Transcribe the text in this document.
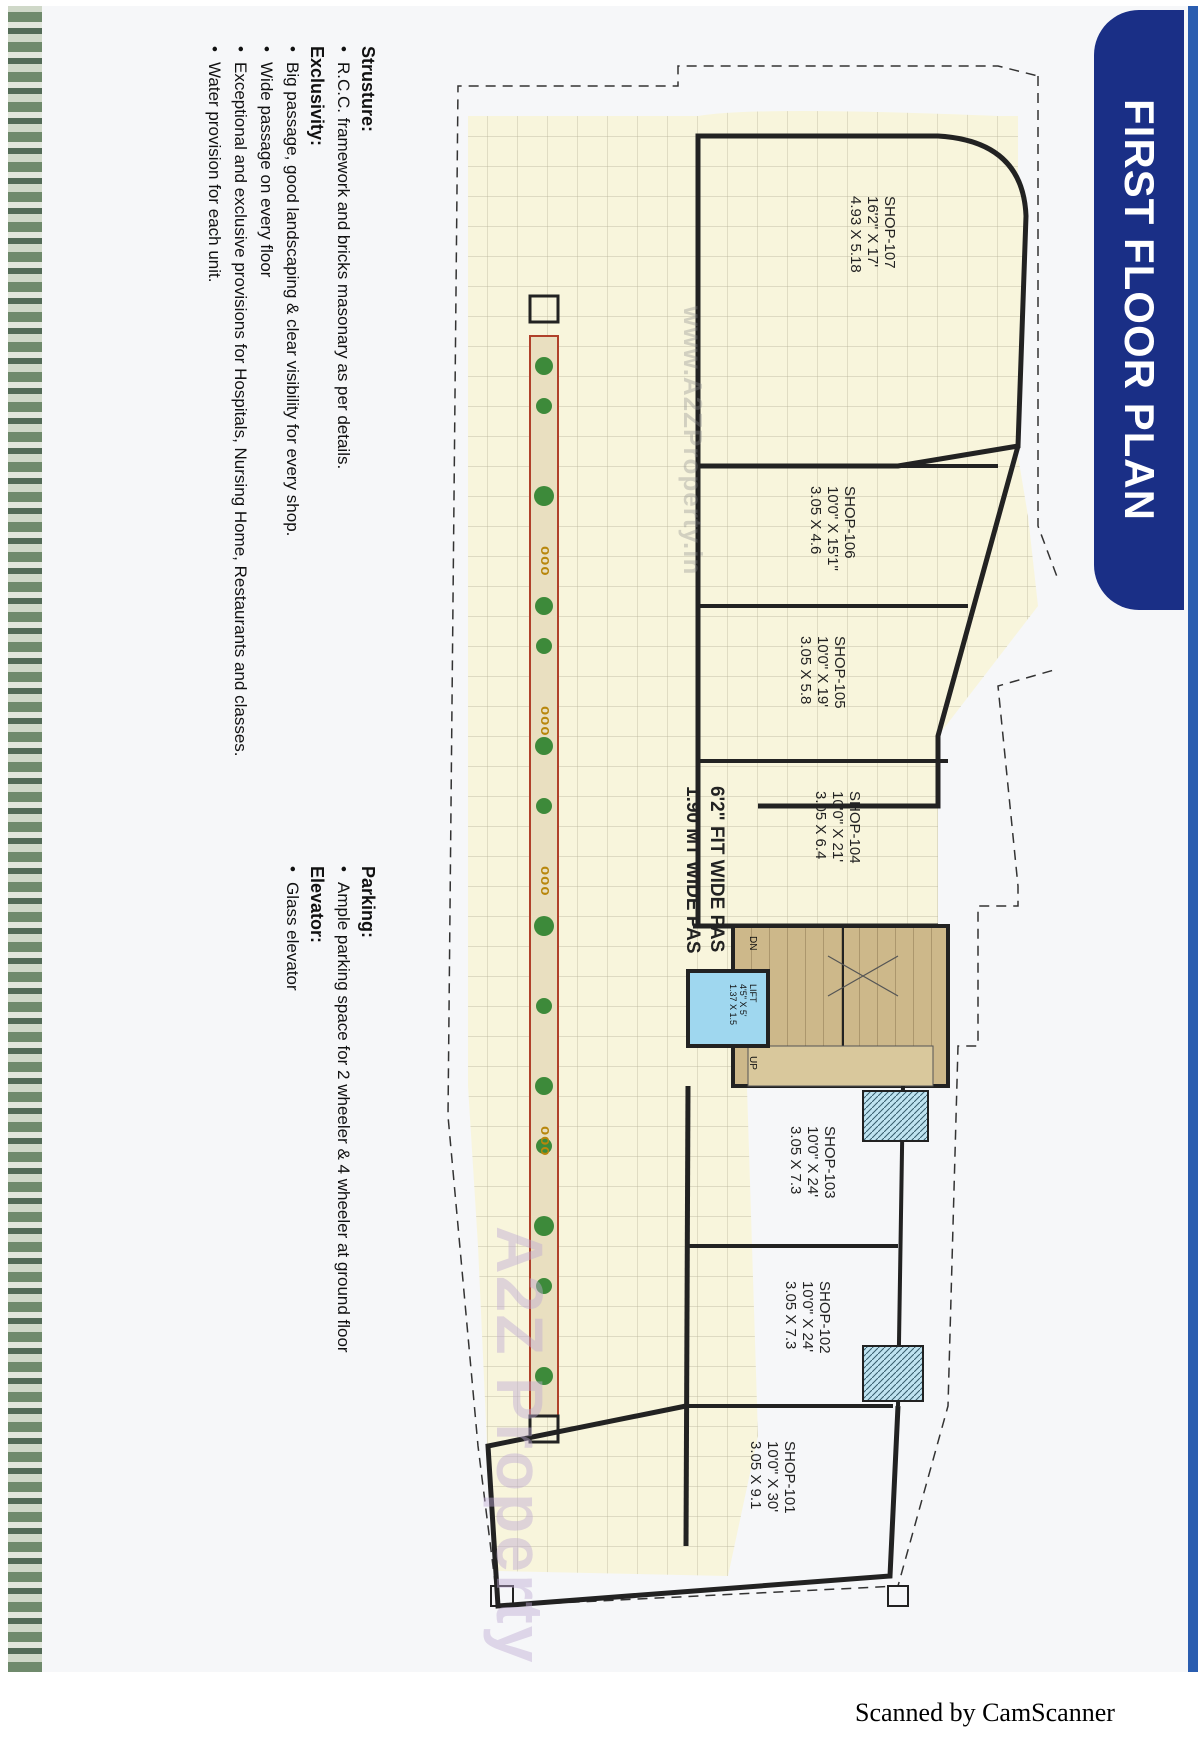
FIRST FLOOR PLAN
SHOP-107
16'2" X 17'
4.93 X 5.18
SHOP-106
10'0" X 15'1"
3.05 X 4.6
SHOP-105
10'0" X 19'
3.05 X 5.8
SHOP-104
10'0" X 21'
3.05 X 6.4
SHOP-103
10'0" X 24'
3.05 X 7.3
SHOP-102
10'0" X 24'
3.05 X 7.3
SHOP-101
10'0" X 30'
3.05 X 9.1
6'2" FIT WIDE PAS
1.90 MT WIDE PAS
LIFT
4'5" X 5'
1.37 X 1.5
DN
UP
ooo
ooo
ooo
ooo
www.A2ZProperty.in
A2Z Property
Strusture:
• R.C.C. framework and bricks masonary as per details.
Exclusivity:
• Big passage, good landscaping & clear visibility for every shop.
• Wide passage on every floor
• Exceptional and exclusive provisions for Hospitals, Nursing Home, Restaurants and classes.
• Water provision for each unit.
Parking:
• Ample parking space for 2 wheeler & 4 wheeler at ground floor
Elevator:
• Glass elevator
Scanned by CamScanner
